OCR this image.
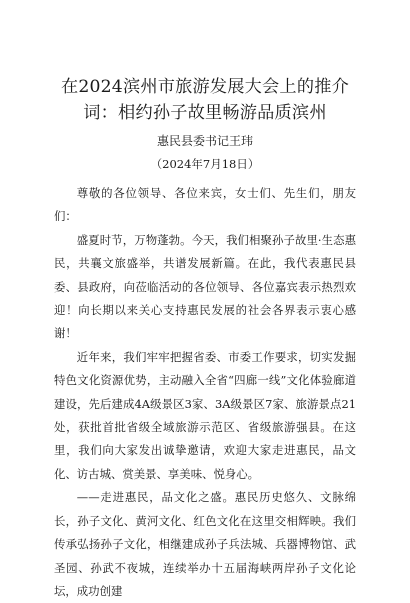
在2024滨州市旅游发展大会上的推介词：相约孙子故里畅游品质滨州
惠民县委书记王玮
（2024年7月18日）

尊敬的各位领导、各位来宾，女士们、先生们，朋友们：

盛夏时节，万物蓬勃。今天，我们相聚孙子故里·生态惠民，共襄文旅盛举，共谱发展新篇。在此，我代表惠民县委、县政府，向莅临活动的各位领导、各位嘉宾表示热烈欢迎！向长期以来关心支持惠民发展的社会各界表示衷心感谢！

近年来，我们牢牢把握省委、市委工作要求，切实发掘特色文化资源优势，主动融入全省“四廊一线”文化体验廊道建设，先后建成4A级景区3家、3A级景区7家、旅游景点21处，获批首批省级全域旅游示范区、省级旅游强县。在这里，我们向大家发出诚挚邀请，欢迎大家走进惠民，品文化、访古城、赏美景、享美味、悦身心。

——走进惠民，品文化之盛。惠民历史悠久、文脉绵长，孙子文化、黄河文化、红色文化在这里交相辉映。我们传承弘扬孙子文化，相继建成孙子兵法城、兵器博物馆、武圣园、孙武不夜城，连续举办十五届海峡两岸孙子文化论坛，成功创建
